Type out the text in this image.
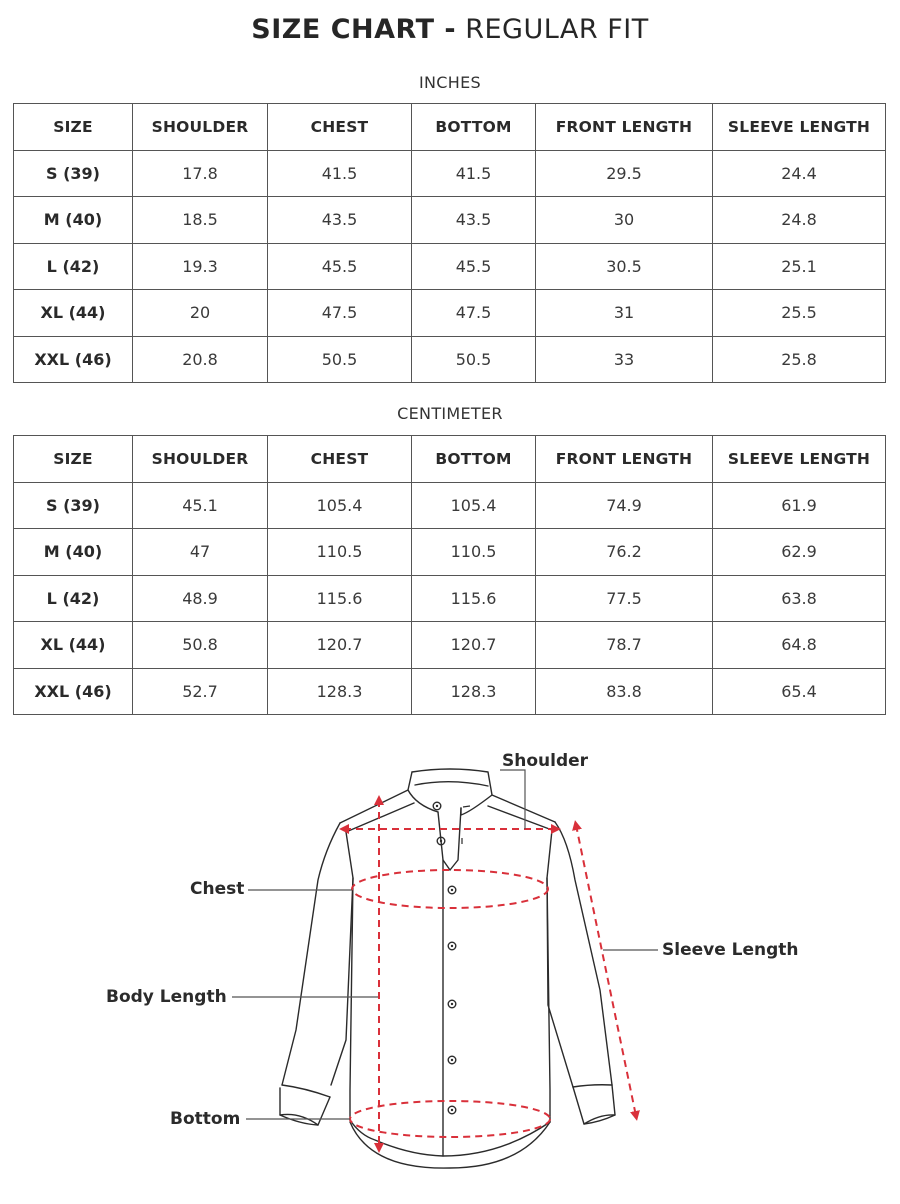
SIZE CHART - REGULAR FIT
INCHES
SIZE	SHOULDER	CHEST	BOTTOM	FRONT LENGTH	SLEEVE LENGTH
S (39)	17.8	41.5	41.5	29.5	24.4
M (40)	18.5	43.5	43.5	30	24.8
L (42)	19.3	45.5	45.5	30.5	25.1
XL (44)	20	47.5	47.5	31	25.5
XXL (46)	20.8	50.5	50.5	33	25.8
CENTIMETER
SIZE	SHOULDER	CHEST	BOTTOM	FRONT LENGTH	SLEEVE LENGTH
S (39)	45.1	105.4	105.4	74.9	61.9
M (40)	47	110.5	110.5	76.2	62.9
L (42)	48.9	115.6	115.6	77.5	63.8
XL (44)	50.8	120.7	120.7	78.7	64.8
XXL (46)	52.7	128.3	128.3	83.8	65.4
Shoulder
Chest
Sleeve Length
Body Length
Bottom
